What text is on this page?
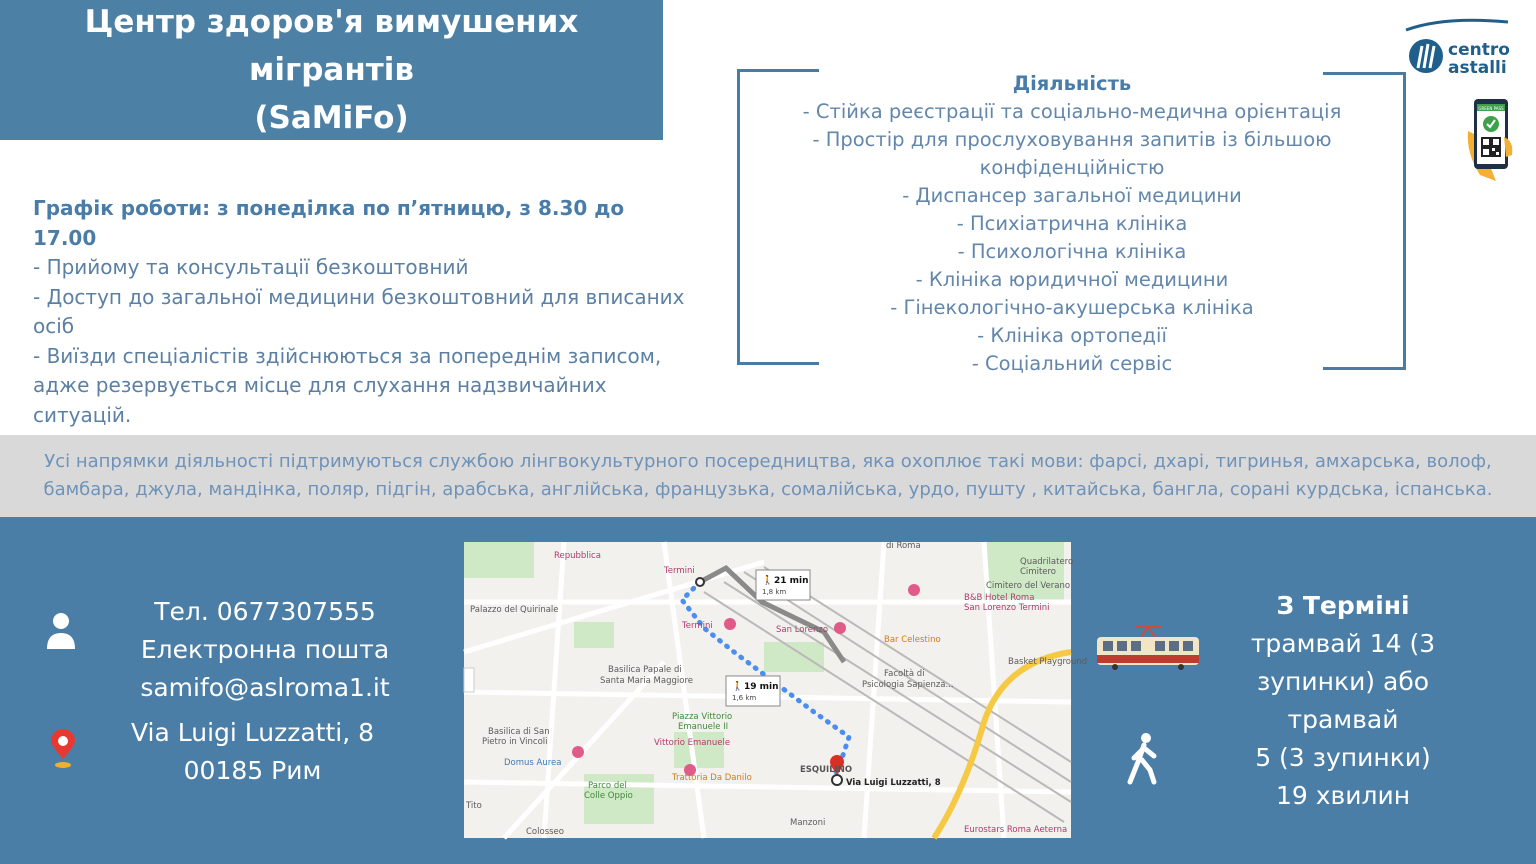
Центр здоров'я вимушених мігрантів
(SaMiFo)
Графік роботи: з понеділка по п’ятницю, з 8.30 до 17.00
- Прийому та консультації безкоштовний
- Доступ до загальної медицини безкоштовний для вписаних осіб
- Виїзди спеціалістів здійснюються за попереднім записом, адже резервується місце для слухання надзвичайних ситуацій.
Діяльність
- Стійка реєстрації та соціально-медична орієнтація
- Простір для прослуховування запитів із більшою конфіденційністю
- Диспансер загальної медицини
- Психіатрична клініка
- Психологічна клініка
- Клініка юридичної медицини
- Гінекологічно-акушерська клініка
- Клініка ортопедії
- Соціальний сервіс
centro
astalli
GREEN PASS
Усі напрямки діяльності підтримуються службою лінгвокультурного посередництва, яка охоплює такі мови: фарсі, дхарі, тигринья, амхарська, волоф,
бамбара, джула, мандінка, поляр, підгін, арабська, англійська, французька, сомалійська, урдо, пушту , китайська, бангла, сорані курдська, іспанська.
Тел. 0677307555
Електронна пошта
samifo@aslroma1.it
Via Luigi Luzzatti, 8
00185 Рим
21 min
1,8 km
🚶
19 min
1,6 km
🚶
Repubblica
Termini
Termini
Palazzo del Quirinale
Basilica Papale di
Santa Maria Maggiore
San Lorenzo
Bar Celestino
Quadrilatero
Cimitero
Cimitero del Verano
B&B Hotel Roma
San Lorenzo Termini
Basket Playground
Facoltà di
Psicologia Sapienza...
Piazza Vittorio
Emanuele II
Vittorio Emanuele
Basilica di San
Pietro in Vincoli
Domus Aurea
Trattoria Da Danilo
Parco del
Colle Oppio
Colosseo
Manzoni
ESQUILINO
Via Luigi Luzzatti, 8
Eurostars Roma Aeterna
di Roma
Tito
З Терміні
трамвай 14 (3
зупинки) або трамвай
5 (3 зупинки)
19 хвилин
